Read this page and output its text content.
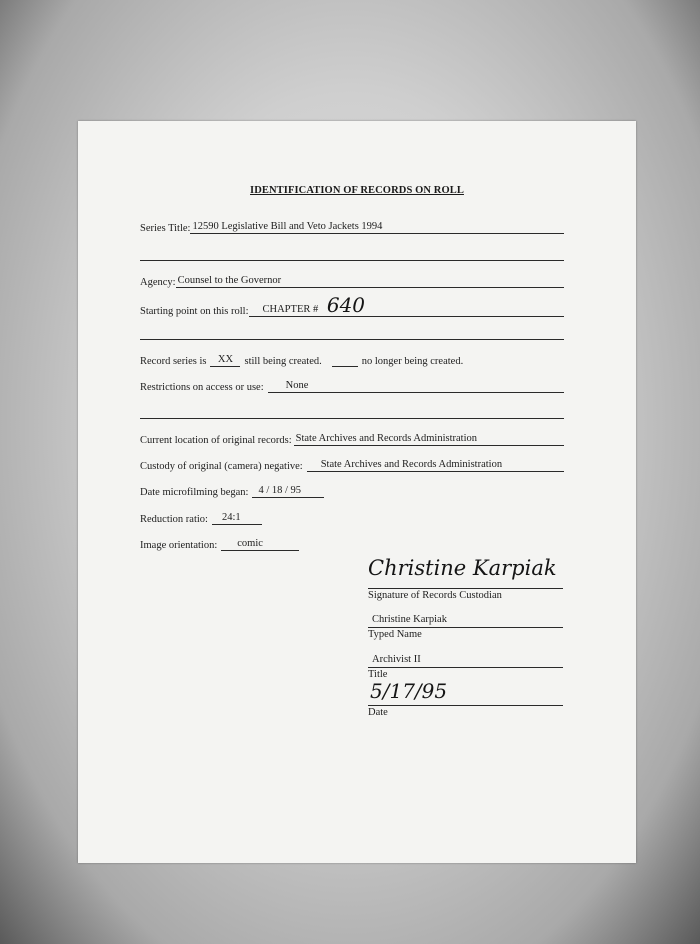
IDENTIFICATION OF RECORDS ON ROLL
Series Title: 12590 Legislative Bill and Veto Jackets 1994
Agency: Counsel to the Governor
Starting point on this roll:	CHAPTER # 640
Record series is	XX	still being created.	no longer being created.
Restrictions on access or use:	None
Current location of original records: State Archives and Records Administration
Custody of original (camera) negative:	State Archives and Records Administration
Date microfilming began: 4 / 18 / 95
Reduction ratio:	24:1
Image orientation:	comic
Christine Karpiak
Signature of Records Custodian
Christine Karpiak
Typed Name
Archivist II
Title
5/17/95
Date
